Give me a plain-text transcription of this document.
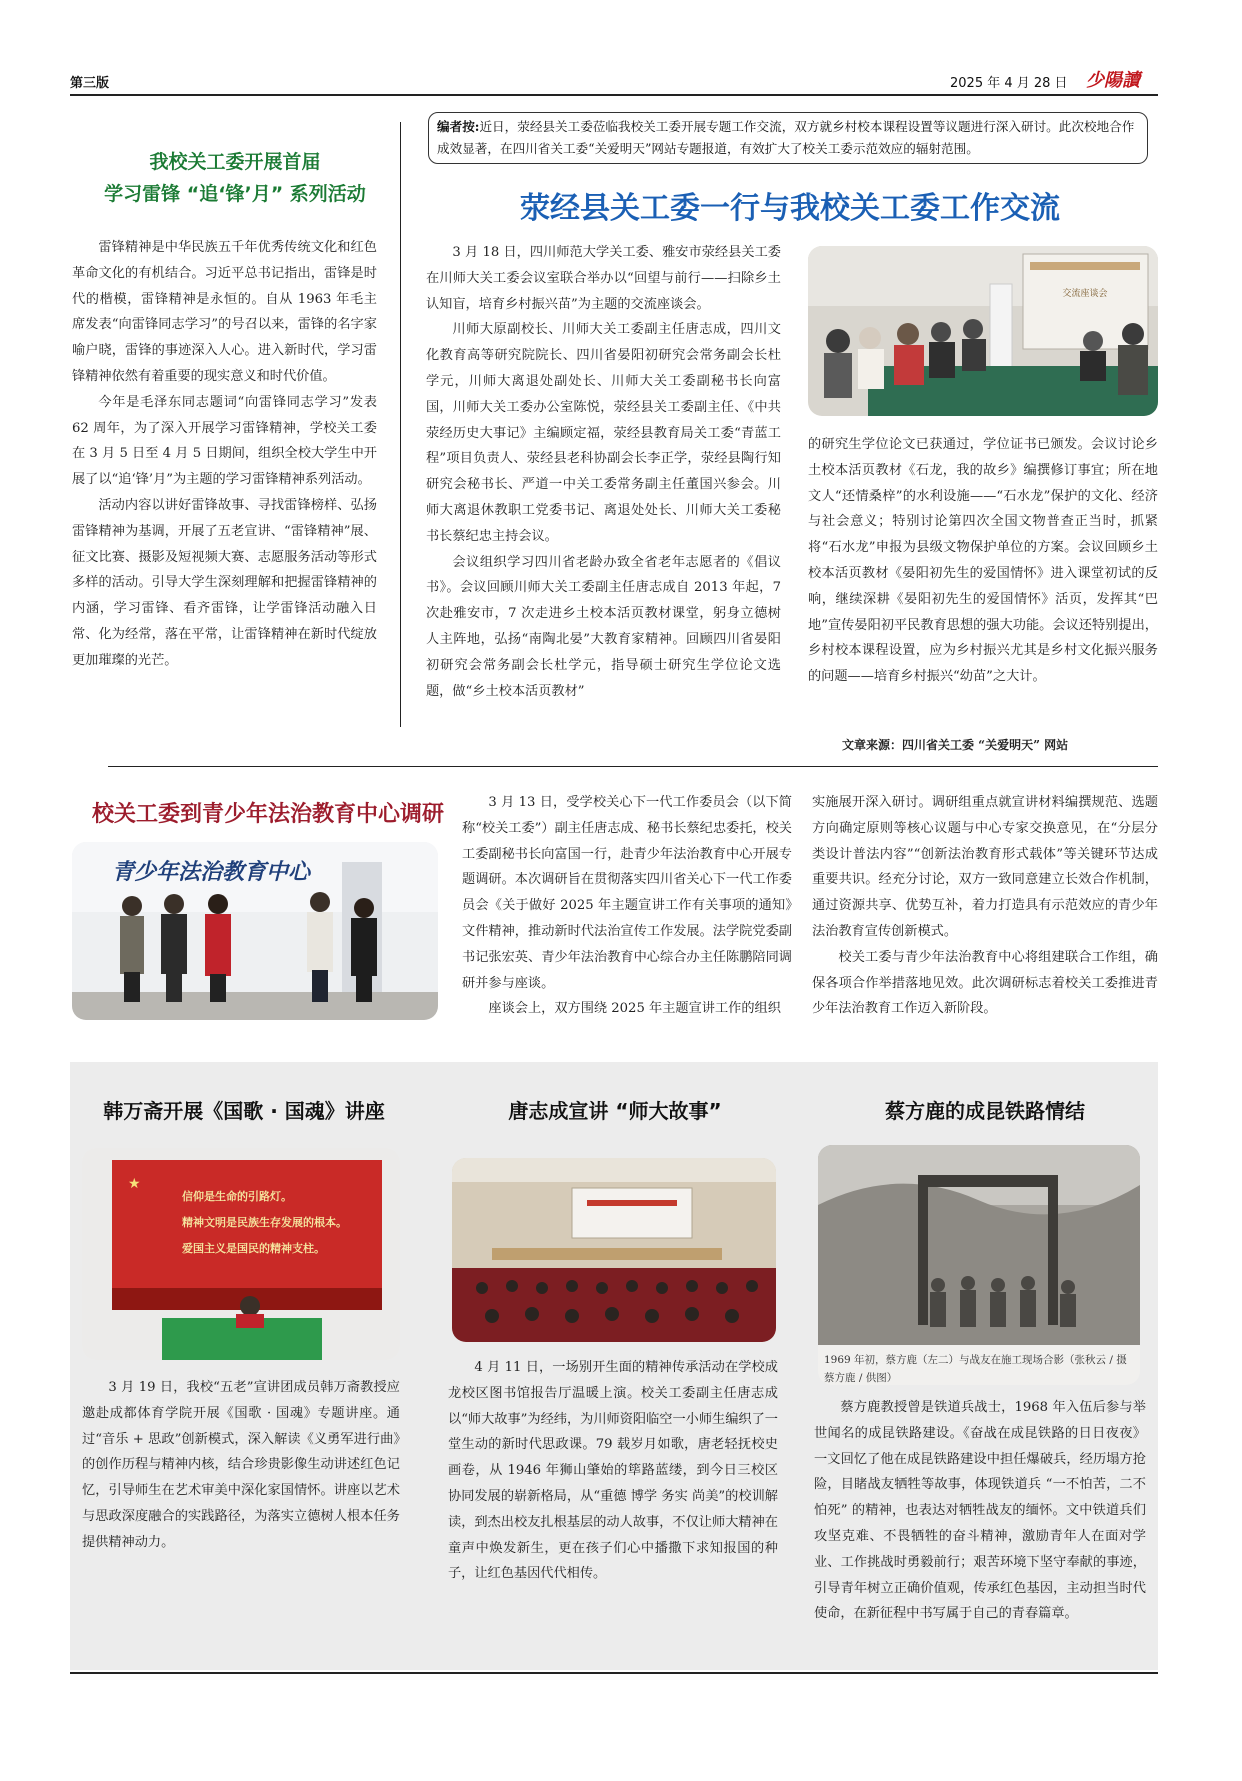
第三版	2025 年 4 月 28 日 少陽讀
我校关工委开展首届
学习雷锋 “追‘锋’月” 系列活动

雷锋精神是中华民族五千年优秀传统文化和红色革命文化的有机结合。习近平总书记指出，雷锋是时代的楷模，雷锋精神是永恒的。自从 1963 年毛主席发表“向雷锋同志学习”的号召以来，雷锋的名字家喻户晓，雷锋的事迹深入人心。进入新时代，学习雷锋精神依然有着重要的现实意义和时代价值。

今年是毛泽东同志题词“向雷锋同志学习”发表 62 周年，为了深入开展学习雷锋精神，学校关工委在 3 月 5 日至 4 月 5 日期间，组织全校大学生中开展了以“追‘锋’月”为主题的学习雷锋精神系列活动。

活动内容以讲好雷锋故事、寻找雷锋榜样、弘扬雷锋精神为基调，开展了五老宣讲、“雷锋精神”展、征文比赛、摄影及短视频大赛、志愿服务活动等形式多样的活动。引导大学生深刻理解和把握雷锋精神的内涵，学习雷锋、看齐雷锋，让学雷锋活动融入日常、化为经常，落在平常，让雷锋精神在新时代绽放更加璀璨的光芒。

编者按:近日，荥经县关工委莅临我校关工委开展专题工作交流，双方就乡村校本课程设置等议题进行深入研讨。此次校地合作成效显著，在四川省关工委“关爱明天”网站专题报道，有效扩大了校关工委示范效应的辐射范围。
荥经县关工委一行与我校关工委工作交流

3 月 18 日，四川师范大学关工委、雅安市荥经县关工委在川师大关工委会议室联合举办以“回望与前行——扫除乡土认知盲，培育乡村振兴苗”为主题的交流座谈会。

川师大原副校长、川师大关工委副主任唐志成，四川文化教育高等研究院院长、四川省晏阳初研究会常务副会长杜学元，川师大离退处副处长、川师大关工委副秘书长向富国，川师大关工委办公室陈悦，荥经县关工委副主任、《中共荥经历史大事记》主编顾定福，荥经县教育局关工委“青蓝工程”项目负责人、荥经县老科协副会长李正学，荥经县陶行知研究会秘书长、严道一中关工委常务副主任董国兴参会。川师大离退休教职工党委书记、离退处处长、川师大关工委秘书长蔡纪忠主持会议。

会议组织学习四川省老龄办致全省老年志愿者的《倡议书》。会议回顾川师大关工委副主任唐志成自 2013 年起，7 次赴雅安市，7 次走进乡土校本活页教材课堂，躬身立德树人主阵地，弘扬“南陶北晏”大教育家精神。回顾四川省晏阳初研究会常务副会长杜学元，指导硕士研究生学位论文选题，做“乡土校本活页教材”

交流座谈会

的研究生学位论文已获通过，学位证书已颁发。会议讨论乡土校本活页教材《石龙，我的故乡》编撰修订事宜；所在地文人“还情桑梓”的水利设施——“石水龙”保护的文化、经济与社会意义；特别讨论第四次全国文物普查正当时，抓紧将“石水龙”申报为县级文物保护单位的方案。会议回顾乡土校本活页教材《晏阳初先生的爱国情怀》进入课堂初试的反响，继续深耕《晏阳初先生的爱国情怀》活页，发挥其“巴地”宣传晏阳初平民教育思想的强大功能。会议还特别提出，乡村校本课程设置，应为乡村振兴尤其是乡村文化振兴服务的问题——培育乡村振兴“幼苗”之大计。

文章来源：四川省关工委 “关爱明天” 网站
校关工委到青少年法治教育中心调研
青少年法治教育中心

3 月 13 日，受学校关心下一代工作委员会（以下简称“校关工委”）副主任唐志成、秘书长蔡纪忠委托，校关工委副秘书长向富国一行，赴青少年法治教育中心开展专题调研。本次调研旨在贯彻落实四川省关心下一代工作委员会《关于做好 2025 年主题宣讲工作有关事项的通知》文件精神，推动新时代法治宣传工作发展。法学院党委副书记张宏英、青少年法治教育中心综合办主任陈鹏陪同调研并参与座谈。

座谈会上，双方围绕 2025 年主题宣讲工作的组织

实施展开深入研讨。调研组重点就宣讲材料编撰规范、选题方向确定原则等核心议题与中心专家交换意见，在“分层分类设计普法内容”“创新法治教育形式载体”等关键环节达成重要共识。经充分讨论，双方一致同意建立长效合作机制，通过资源共享、优势互补，着力打造具有示范效应的青少年法治教育宣传创新模式。

校关工委与青少年法治教育中心将组建联合工作组，确保各项合作举措落地见效。此次调研标志着校关工委推进青少年法治教育工作迈入新阶段。

韩万斋开展《国歌 · 国魂》讲座
★
信仰是生命的引路灯。
精神文明是民族生存发展的根本。
爱国主义是国民的精神支柱。

3 月 19 日，我校“五老”宣讲团成员韩万斋教授应邀赴成都体育学院开展《国歌 · 国魂》专题讲座。通过“音乐 + 思政”创新模式，深入解读《义勇军进行曲》的创作历程与精神内核，结合珍贵影像生动讲述红色记忆，引导师生在艺术审美中深化家国情怀。讲座以艺术与思政深度融合的实践路径，为落实立德树人根本任务提供精神动力。

唐志成宣讲 “师大故事”

4 月 11 日，一场别开生面的精神传承活动在学校成龙校区图书馆报告厅温暖上演。校关工委副主任唐志成以“师大故事”为经纬，为川师资阳临空一小师生编织了一堂生动的新时代思政课。79 载岁月如歌，唐老轻抚校史画卷，从 1946 年狮山肇始的筚路蓝缕，到今日三校区协同发展的崭新格局，从“重德 博学 务实 尚美”的校训解读，到杰出校友扎根基层的动人故事，不仅让师大精神在童声中焕发新生，更在孩子们心中播撒下求知报国的种子，让红色基因代代相传。

蔡方鹿的成昆铁路情结
1969 年初，蔡方鹿（左二）与战友在施工现场合影（张秋云 / 摄　蔡方鹿 / 供图）

蔡方鹿教授曾是铁道兵战士，1968 年入伍后参与举世闻名的成昆铁路建设。《奋战在成昆铁路的日日夜夜》一文回忆了他在成昆铁路建设中担任爆破兵，经历塌方抢险，目睹战友牺牲等故事，体现铁道兵 “一不怕苦，二不怕死” 的精神，也表达对牺牲战友的缅怀。文中铁道兵们攻坚克难、不畏牺牲的奋斗精神，激励青年人在面对学业、工作挑战时勇毅前行；艰苦环境下坚守奉献的事迹，引导青年树立正确价值观，传承红色基因，主动担当时代使命，在新征程中书写属于自己的青春篇章。
